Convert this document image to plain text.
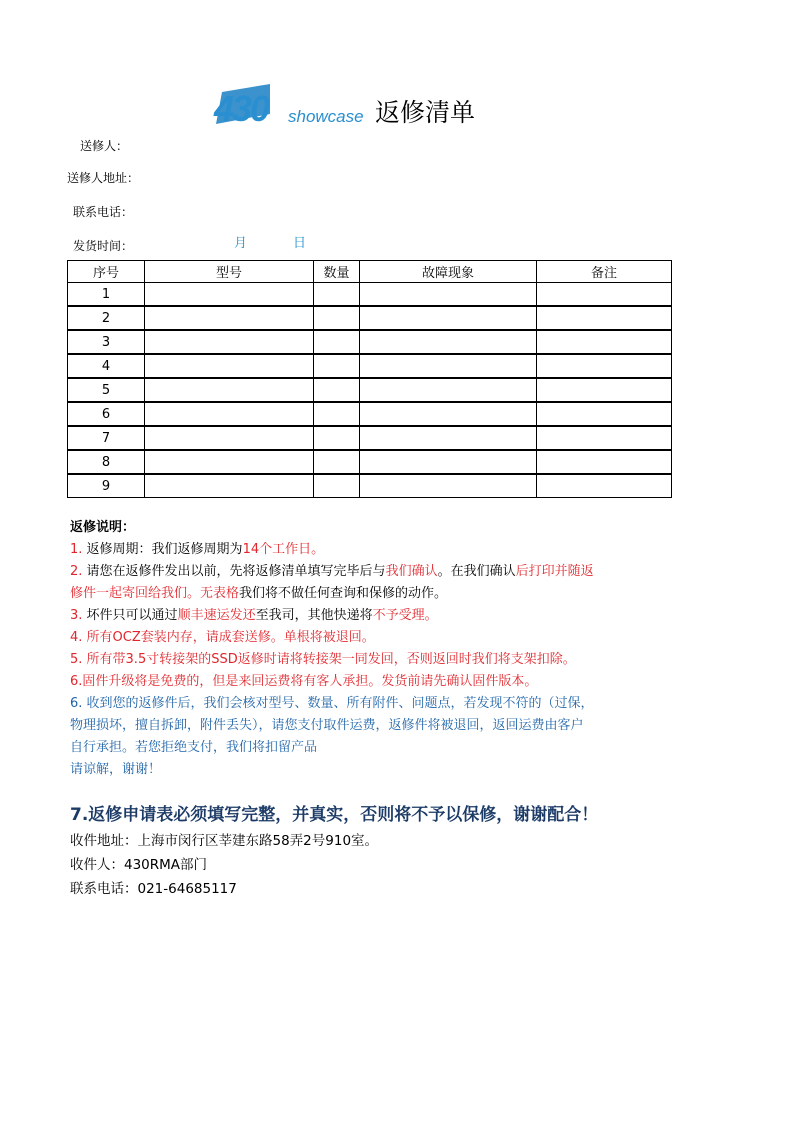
430 showcase 返修清单
送修人：
送修人地址：
联系电话：
发货时间：	月	日
序号	型号	数量	故障现象	备注
1				
2				
3				
4				
5				
6				
7				
8				
9				
返修说明：
1. 返修周期：我们返修周期为14个工作日。
2. 请您在返修件发出以前，先将返修清单填写完毕后与我们确认。在我们确认后打印并随返
修件一起寄回给我们。无表格我们将不做任何查询和保修的动作。
3. 坏件只可以通过顺丰速运发还至我司，其他快递将不予受理。
4. 所有OCZ套装内存，请成套送修。单根将被退回。
5. 所有带3.5寸转接架的SSD返修时请将转接架一同发回，否则返回时我们将支架扣除。
6.固件升级将是免费的，但是来回运费将有客人承担。发货前请先确认固件版本。
6. 收到您的返修件后，我们会核对型号、数量、所有附件、问题点，若发现不符的（过保，
物理损坏，擅自拆卸，附件丢失），请您支付取件运费，返修件将被退回，返回运费由客户
自行承担。若您拒绝支付，我们将扣留产品
请谅解，谢谢！
7.返修申请表必须填写完整，并真实，否则将不予以保修，谢谢配合！
收件地址：上海市闵行区莘建东路58弄2号910室。
收件人：430RMA部门
联系电话：021-64685117
